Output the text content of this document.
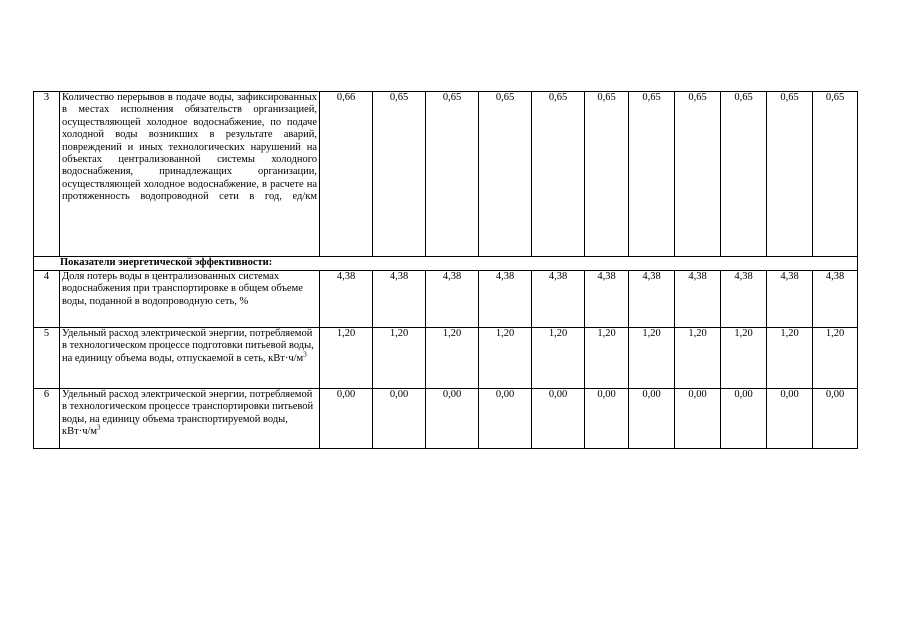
3	Количество перерывов в подаче воды, зафиксированных в местах исполнения обязательств организацией, осуществляющей холодное водоснабжение, по подаче холодной воды возникших в результате аварий, повреждений и иных технологических нарушений на объектах централизованной системы холодного водоснабжения, принадлежащих организации, осуществляющей холодное водоснабжение, в расчете на протяженность водопроводной сети в год, ед/км	0,66	0,65	0,65	0,65	0,65	0,65	0,65	0,65	0,65	0,65	0,65
Показатели энергетической эффективности:												
4	Доля потерь воды в централизованных системах водоснабжения при транспортировке в общем объеме воды, поданной в водопроводную сеть, %	4,38	4,38	4,38	4,38	4,38	4,38	4,38	4,38	4,38	4,38	4,38
5	Удельный расход электрической энергии, потребляемой в технологическом процессе подготовки питьевой воды, на единицу объема воды, отпускаемой в сеть, $кВт\cdot ч/м^3$	1,20	1,20	1,20	1,20	1,20	1,20	1,20	1,20	1,20	1,20	1,20
6	Удельный расход электрической энергии, потребляемой в технологическом процессе транспортировки питьевой воды, на единицу объема транспортируемой воды, $кВт\cdot ч/м^3$	0,00	0,00	0,00	0,00	0,00	0,00	0,00	0,00	0,00	0,00	0,00
